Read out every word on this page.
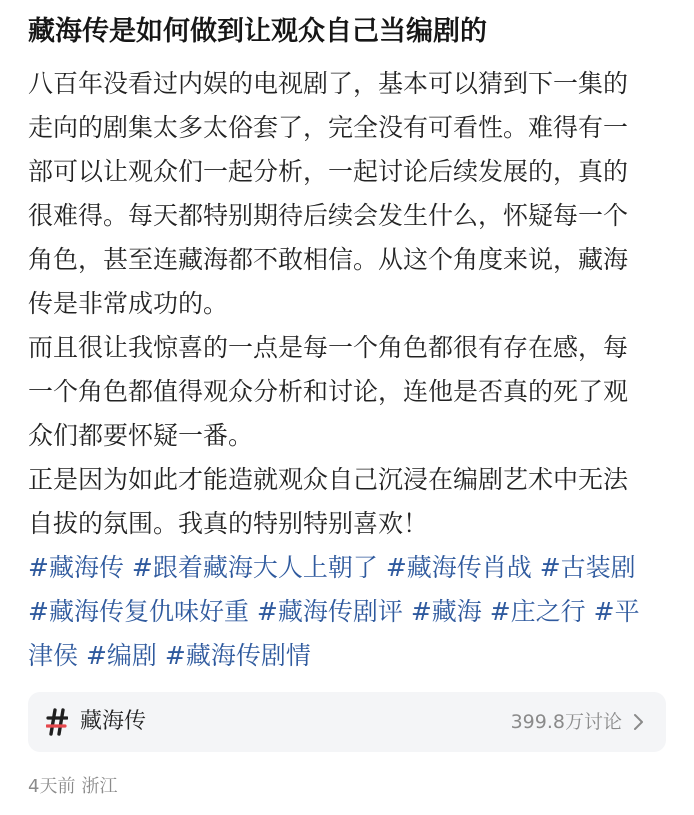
藏海传是如何做到让观众自己当编剧的

八百年没看过内娱的电视剧了，基本可以猜到下一集的
走向的剧集太多太俗套了，完全没有可看性。难得有一
部可以让观众们一起分析，一起讨论后续发展的，真的
很难得。每天都特别期待后续会发生什么，怀疑每一个
角色，甚至连藏海都不敢相信。从这个角度来说，藏海
传是非常成功的。

而且很让我惊喜的一点是每一个角色都很有存在感，每
一个角色都值得观众分析和讨论，连他是否真的死了观
众们都要怀疑一番。

正是因为如此才能造就观众自己沉浸在编剧艺术中无法
自拔的氛围。我真的特别特别喜欢！

#藏海传 #跟着藏海大人上朝了 #藏海传肖战 #古装剧
#藏海传复仇味好重 #藏海传剧评 #藏海 #庄之行 #平
津侯 #编剧 #藏海传剧情

藏海传	399.8万讨论
4天前 浙江
